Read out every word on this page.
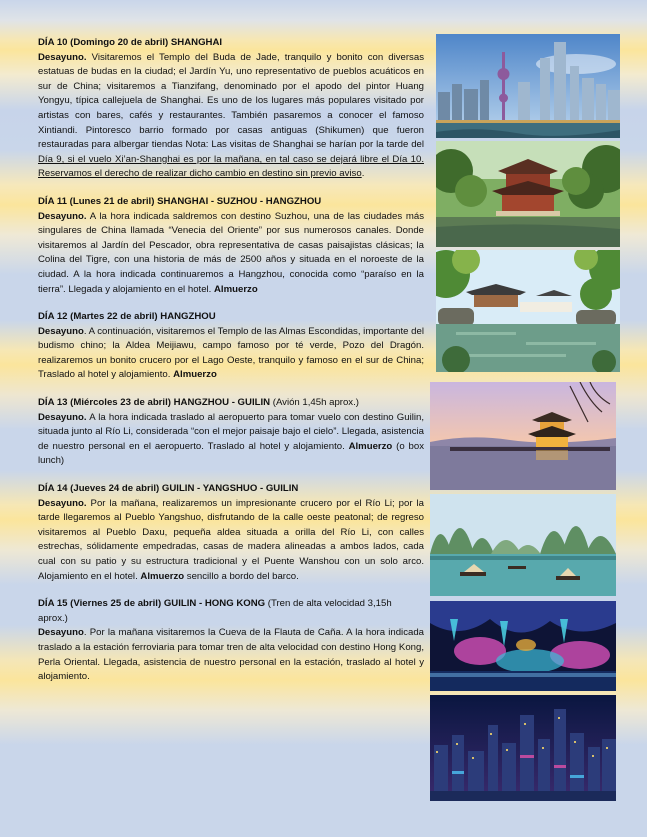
DÍA 10 (Domingo 20 de abril) SHANGHAI
Desayuno. Visitaremos el Templo del Buda de Jade, tranquilo y bonito con diversas estatuas de budas en la ciudad; el Jardín Yu, uno representativo de pueblos acuáticos en sur de China; visitaremos a Tianzifang, denominado por el apodo del pintor Huang Yongyu, típica callejuela de Shanghai. Es uno de los lugares más populares visitado por artistas con bares, cafés y restaurantes. También pasaremos a conocer el famoso Xintiandi. Pintoresco barrio formado por casas antiguas (Shikumen) que fueron restauradas para albergar tiendas Nota: Las visitas de Shanghai se harían por la tarde del Día 9, si el vuelo Xi’an-Shanghai es por la mañana, en tal caso se dejará libre el Día 10. Reservamos el derecho de realizar dicho cambio en destino sin previo aviso.

DÍA 11 (Lunes 21 de abril) SHANGHAI - SUZHOU - HANGZHOU
Desayuno. A la hora indicada saldremos con destino Suzhou, una de las ciudades más singulares de China llamada “Venecia del Oriente” por sus numerosos canales. Donde visitaremos al Jardín del Pescador, obra representativa de casas paisajistas clásicas; la Colina del Tigre, con una historia de más de 2500 años y situada en el noroeste de la ciudad. A la hora indicada continuaremos a Hangzhou, conocida como “paraíso en la tierra”. Llegada y alojamiento en el hotel. Almuerzo

DÍA 12 (Martes 22 de abril) HANGZHOU
Desayuno. A continuación, visitaremos el Templo de las Almas Escondidas, importante del budismo chino; la Aldea Meijiawu, campo famoso por té verde, Pozo del Dragón. realizaremos un bonito crucero por el Lago Oeste, tranquilo y famoso en el sur de China; Traslado al hotel y alojamiento. Almuerzo

DÍA 13 (Miércoles 23 de abril) HANGZHOU - GUILIN (Avión 1,45h aprox.)
Desayuno. A la hora indicada traslado al aeropuerto para tomar vuelo con destino Guilin, situada junto al Río Li, considerada “con el mejor paisaje bajo el cielo”. Llegada, asistencia de nuestro personal en el aeropuerto. Traslado al hotel y alojamiento. Almuerzo (o box lunch)

DÍA 14 (Jueves 24 de abril) GUILIN - YANGSHUO - GUILIN
Desayuno. Por la mañana, realizaremos un impresionante crucero por el Río Li; por la tarde llegaremos al Pueblo Yangshuo, disfrutando de la calle oeste peatonal; de regreso visitaremos al Pueblo Daxu, pequeña aldea situada a orilla del Río Li, con calles estrechas, sólidamente empedradas, casas de madera alineadas a ambos lados, cada cual con su patio y su estructura tradicional y el Puente Wanshou con un solo arco. Alojamiento en el hotel. Almuerzo sencillo a bordo del barco.

DÍA 15 (Viernes 25 de abril) GUILIN - HONG KONG (Tren de alta velocidad 3,15h aprox.)
Desayuno. Por la mañana visitaremos la Cueva de la Flauta de Caña. A la hora indicada traslado a la estación ferroviaria para tomar tren de alta velocidad con destino Hong Kong, Perla Oriental. Llegada, asistencia de nuestro personal en la estación, traslado al hotel y alojamiento.
